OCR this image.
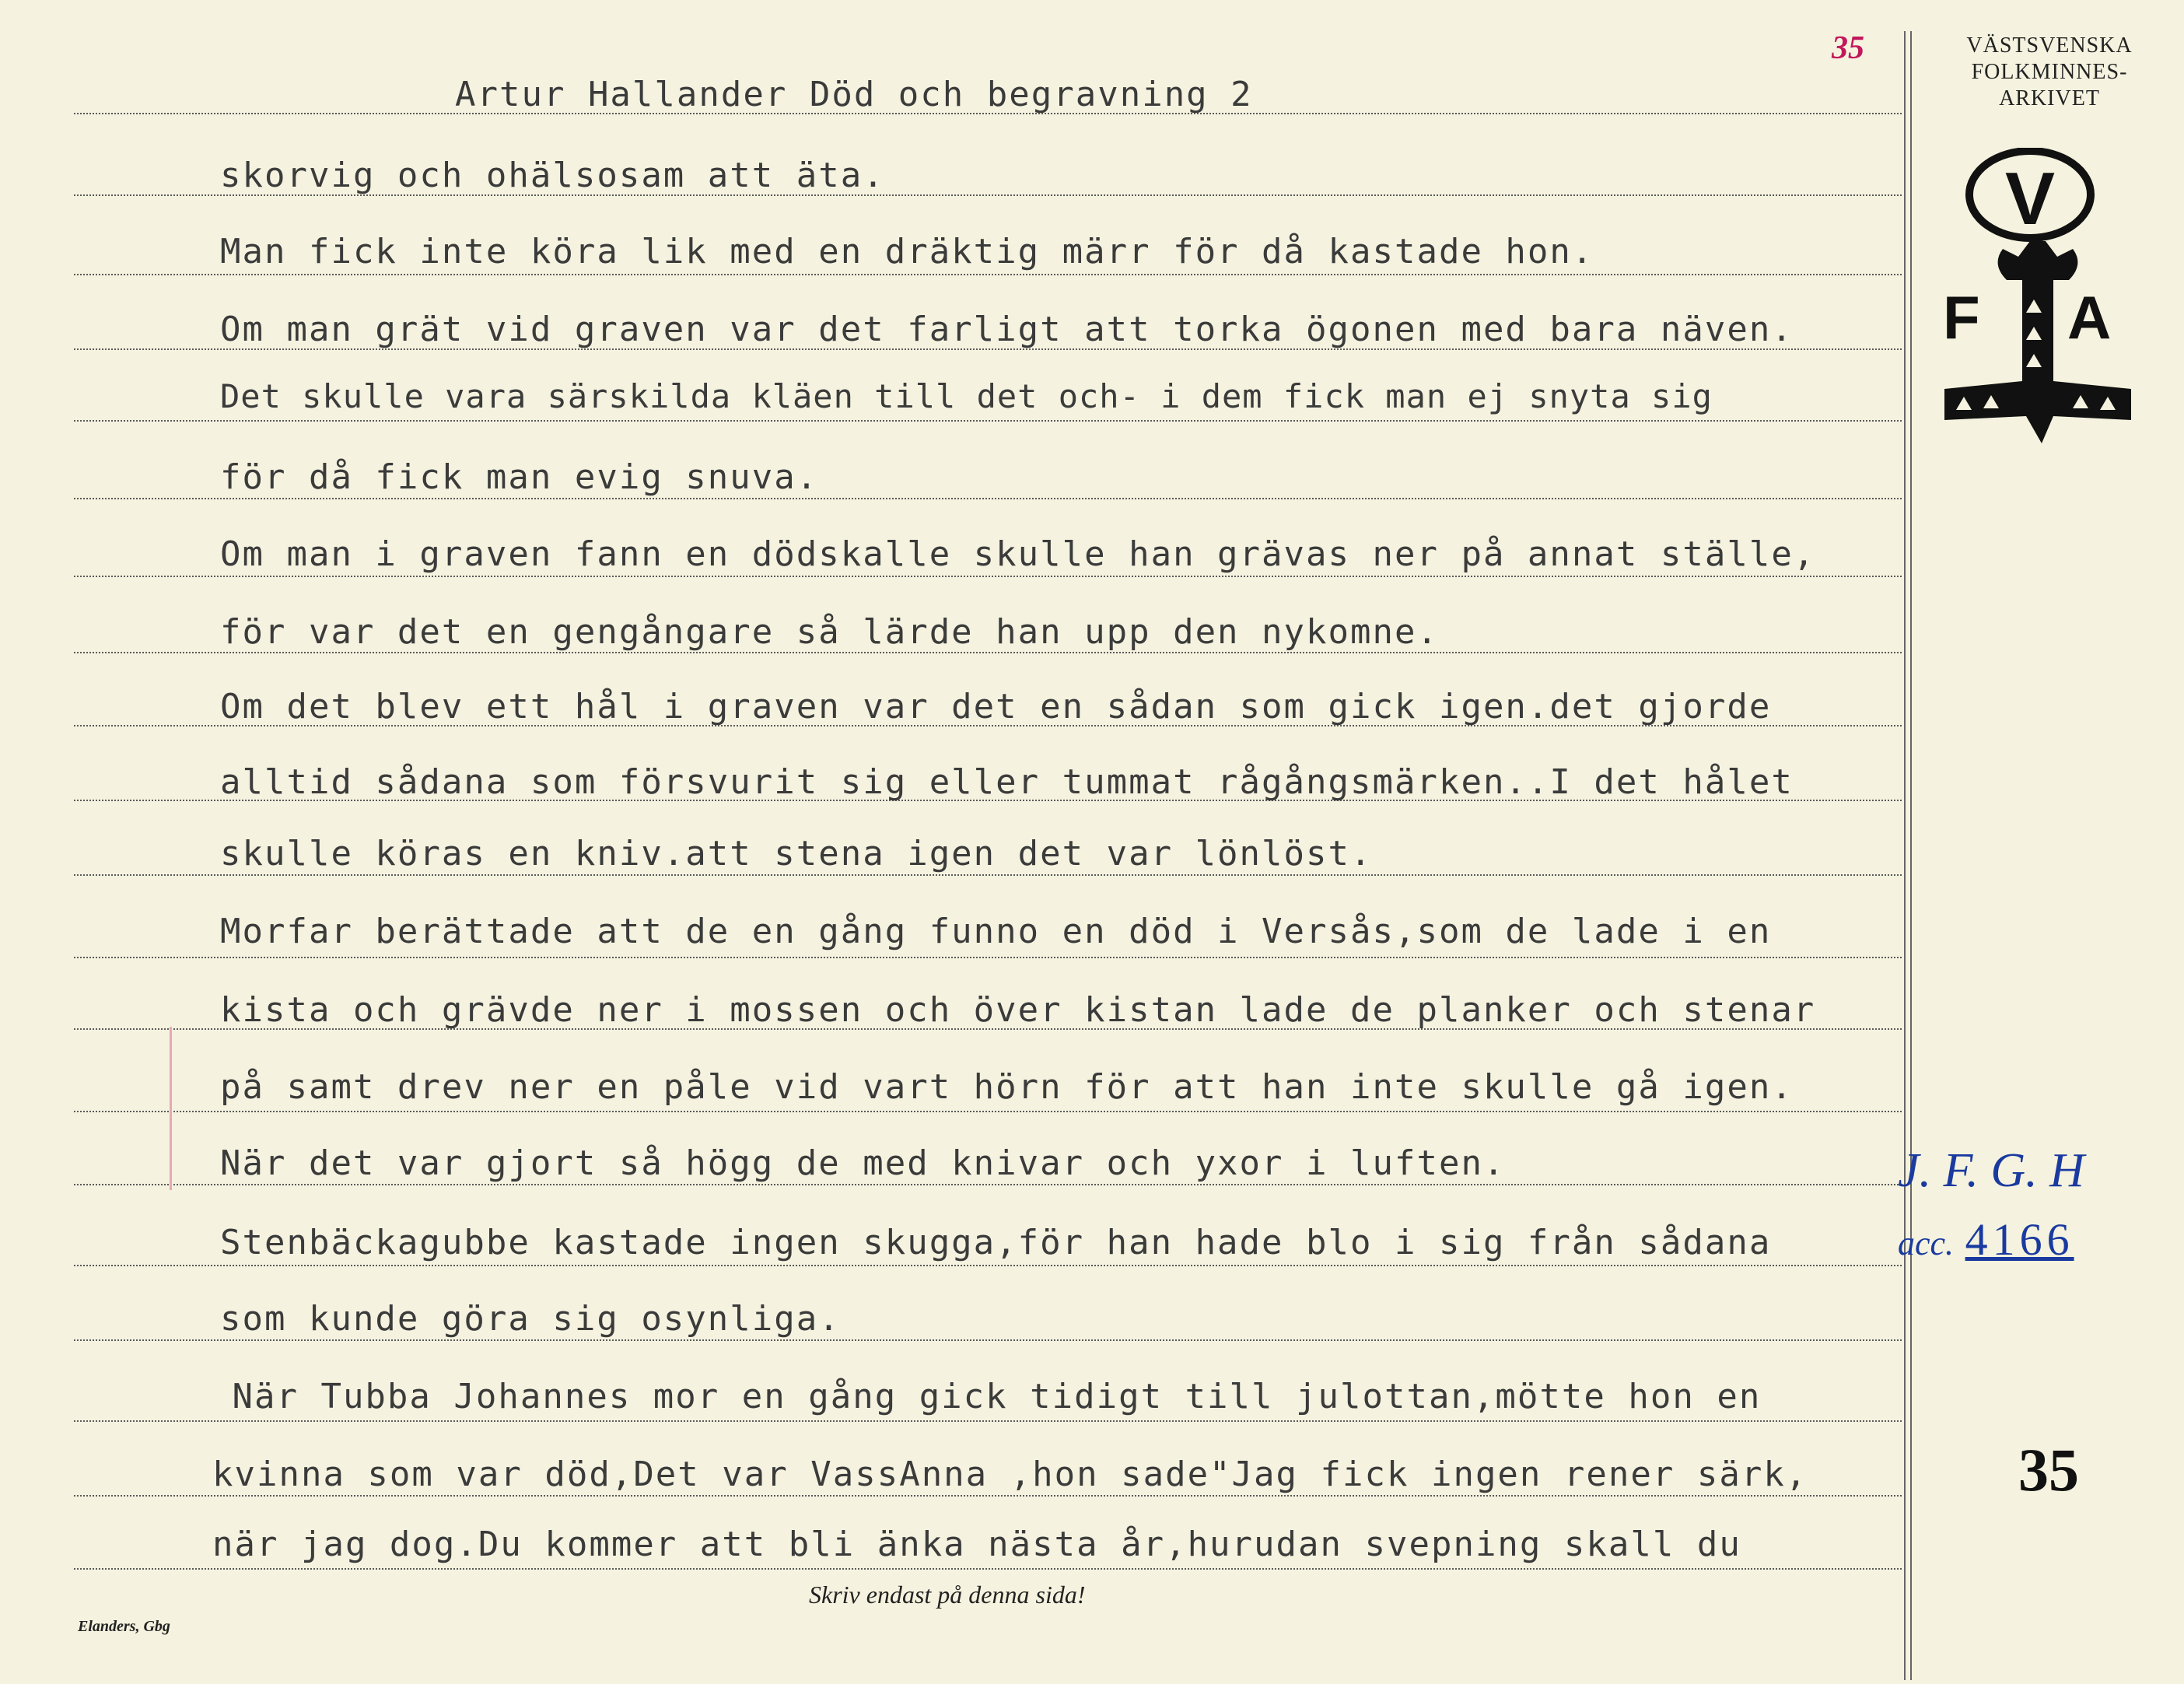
35
Artur Hallander Död och begravning 2
skorvig och ohälsosam att äta.
Man fick inte köra lik med en dräktig märr för då kastade hon.
Om man grät vid graven var det farligt att torka ögonen med bara näven.
Det skulle vara särskilda kläen till det och- i dem fick man ej snyta sig
för då fick man evig snuva.
Om man i graven fann en dödskalle skulle han grävas ner på annat ställe,
för var det en gengångare så lärde han upp den nykomne.
Om det blev ett hål i graven var det en sådan som gick igen.det gjorde
alltid sådana som försvurit sig eller tummat rågångsmärken..I det hålet
skulle köras en kniv.att stena igen det var lönlöst.
Morfar berättade att de en gång funno en död i Versås,som de lade i en
kista och grävde ner i mossen och över kistan lade de planker och stenar
på samt drev ner en påle vid vart hörn för att han inte skulle gå igen.
När det var gjort så högg de med knivar och yxor i luften.
Stenbäckagubbe kastade ingen skugga,för han hade blo i sig från sådana
som kunde göra sig osynliga.
När Tubba Johannes mor en gång gick tidigt till julottan,mötte hon en
kvinna som var död,Det var VassAnna ,hon sade"Jag fick ingen rener särk,
när jag dog.Du kommer att bli änka nästa år,hurudan svepning skall du
VÄSTSVENSKA
FOLKMINNES-
ARKIVET
V
F A
J. F. G. H
acc. 4166
35
Skriv endast på denna sida!
Elanders, Gbg
